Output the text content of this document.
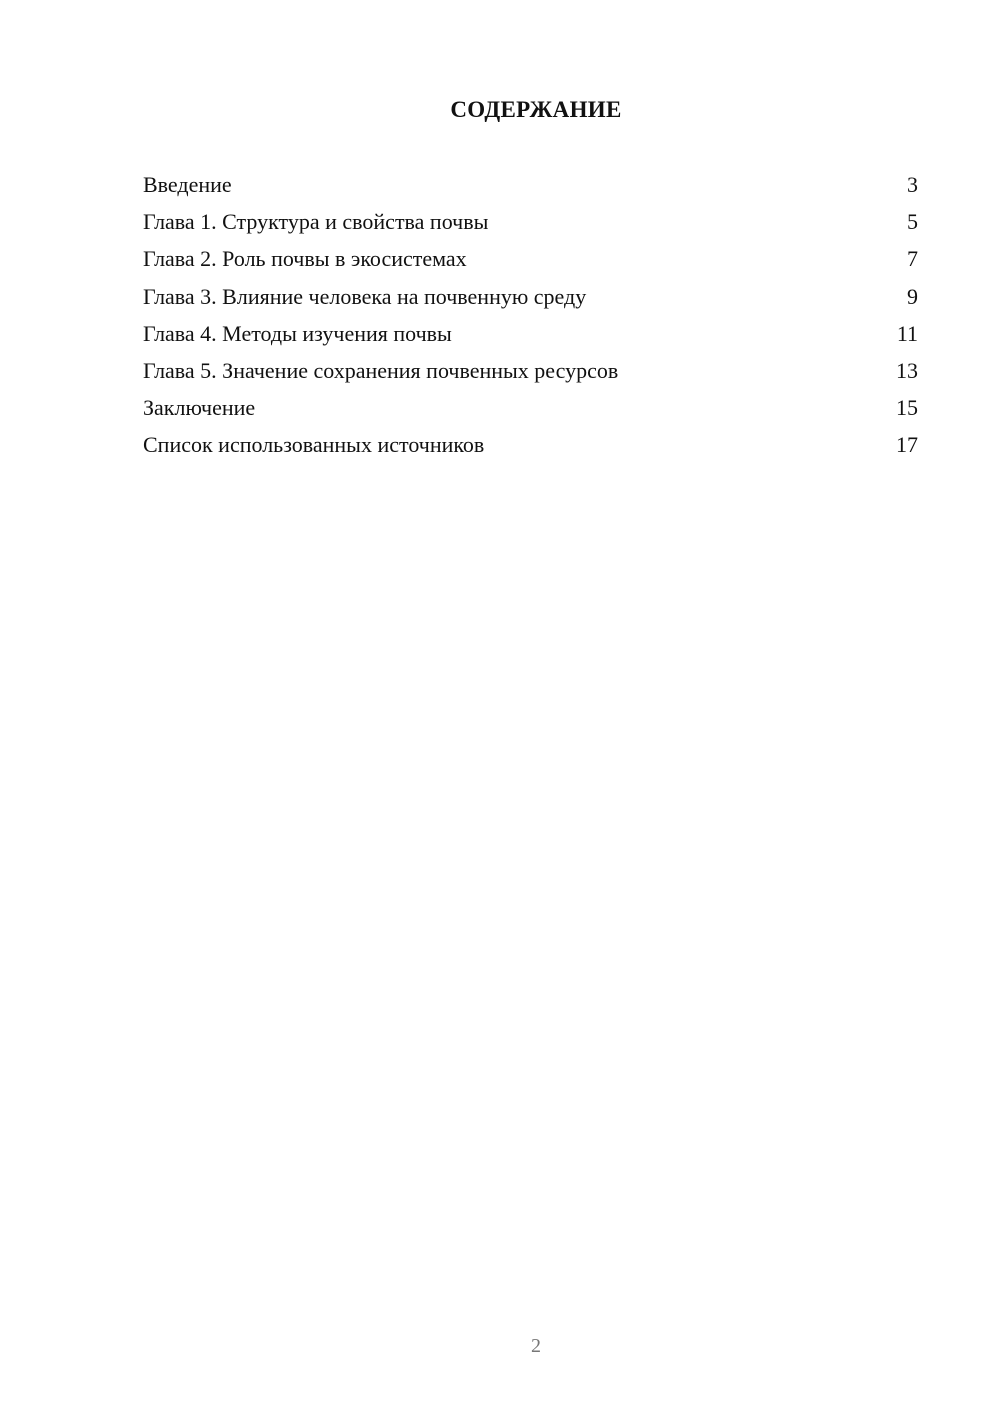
СОДЕРЖАНИЕ
Введение	3
Глава 1. Структура и свойства почвы	5
Глава 2. Роль почвы в экосистемах	7
Глава 3. Влияние человека на почвенную среду	9
Глава 4. Методы изучения почвы	11
Глава 5. Значение сохранения почвенных ресурсов	13
Заключение	15
Список использованных источников	17
2
